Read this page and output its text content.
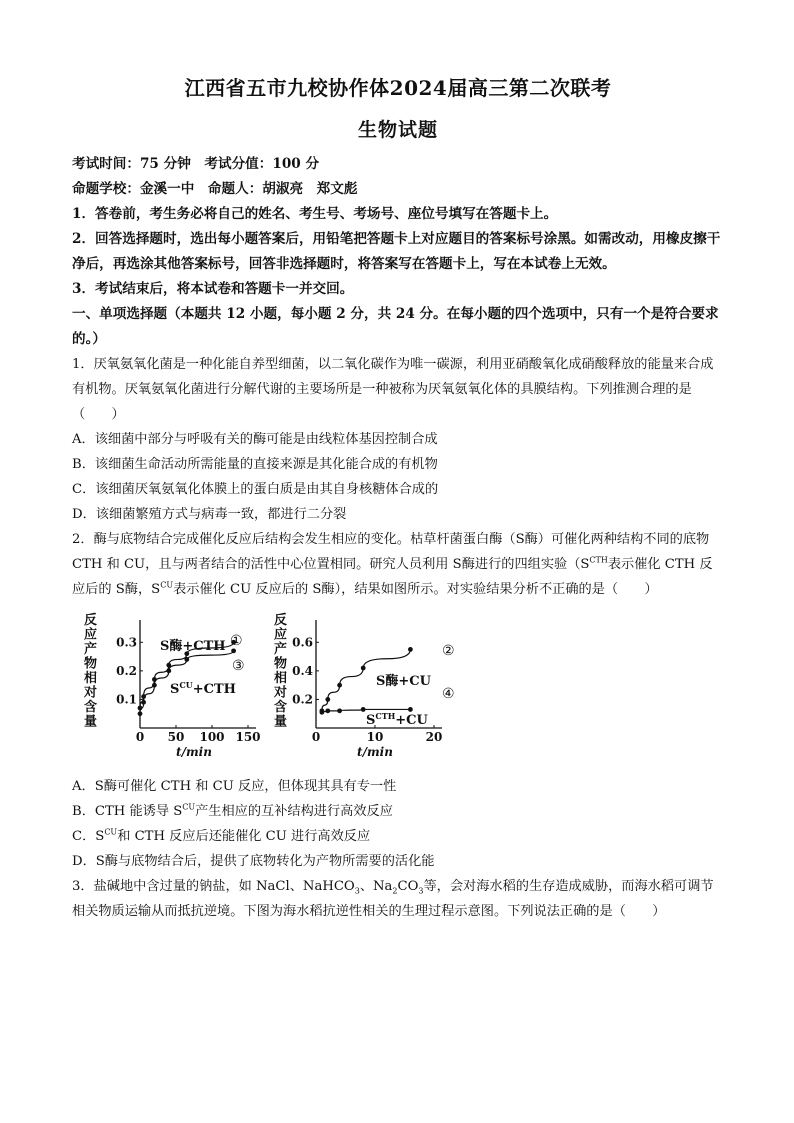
江西省五市九校协作体2024届高三第二次联考
生物试题

考试时间：75 分钟　考试分值：100 分

命题学校：金溪一中　命题人：胡淑亮　郑文彪

1．答卷前，考生务必将自己的姓名、考生号、考场号、座位号填写在答题卡上。

2．回答选择题时，选出每小题答案后，用铅笔把答题卡上对应题目的答案标号涂黑。如需改动，用橡皮擦干净后，再选涂其他答案标号，回答非选择题时，将答案写在答题卡上，写在本试卷上无效。

3．考试结束后，将本试卷和答题卡一并交回。

一、单项选择题（本题共 12 小题，每小题 2 分，共 24 分。在每小题的四个选项中，只有一个是符合要求的。）

1．厌氧氨氧化菌是一种化能自养型细菌，以二氧化碳作为唯一碳源，利用亚硝酸氧化成硝酸释放的能量来合成有机物。厌氧氨氧化菌进行分解代谢的主要场所是一种被称为厌氧氨氧化体的具膜结构。下列推测合理的是（　　）

A．该细菌中部分与呼吸有关的酶可能是由线粒体基因控制合成

B．该细菌生命活动所需能量的直接来源是其化能合成的有机物

C．该细菌厌氧氨氧化体膜上的蛋白质是由其自身核糖体合成的

D．该细菌繁殖方式与病毒一致，都进行二分裂

2．酶与底物结合完成催化反应后结构会发生相应的变化。枯草杆菌蛋白酶（S酶）可催化两种结构不同的底物 CTH 和 CU，且与两者结合的活性中心位置相同。研究人员利用 S酶进行的四组实验（$S^{CTH}$表示催化 CTH 反应后的 S酶，$S^{CU}$表示催化 CU 反应后的 S酶），结果如图所示。对实验结果分析不正确的是（　　）

反
应
产
物
相
对
含
量
0 50 100 150
0.1
0.2
0.3
t/min
S酶+CTH ①
③
$S^{CU}+CTH$
反
应
产
物
相
对
含
量
0	10	20
0.2
0.4
0.6
t/min
S酶+CU
②
④
$S^{CTH}+CU$

A．S酶可催化 CTH 和 CU 反应，但体现其具有专一性

B．CTH 能诱导 $S^{CU}$产生相应的互补结构进行高效反应

C．$S^{CU}$和 CTH 反应后还能催化 CU 进行高效反应

D．S酶与底物结合后，提供了底物转化为产物所需要的活化能

3．盐碱地中含过量的钠盐，如 NaCl、NaHCO$_3$、$Na_2CO_3$等，会对海水稻的生存造成威胁，而海水稻可调节相关物质运输从而抵抗逆境。下图为海水稻抗逆性相关的生理过程示意图。下列说法正确的是（　　）
